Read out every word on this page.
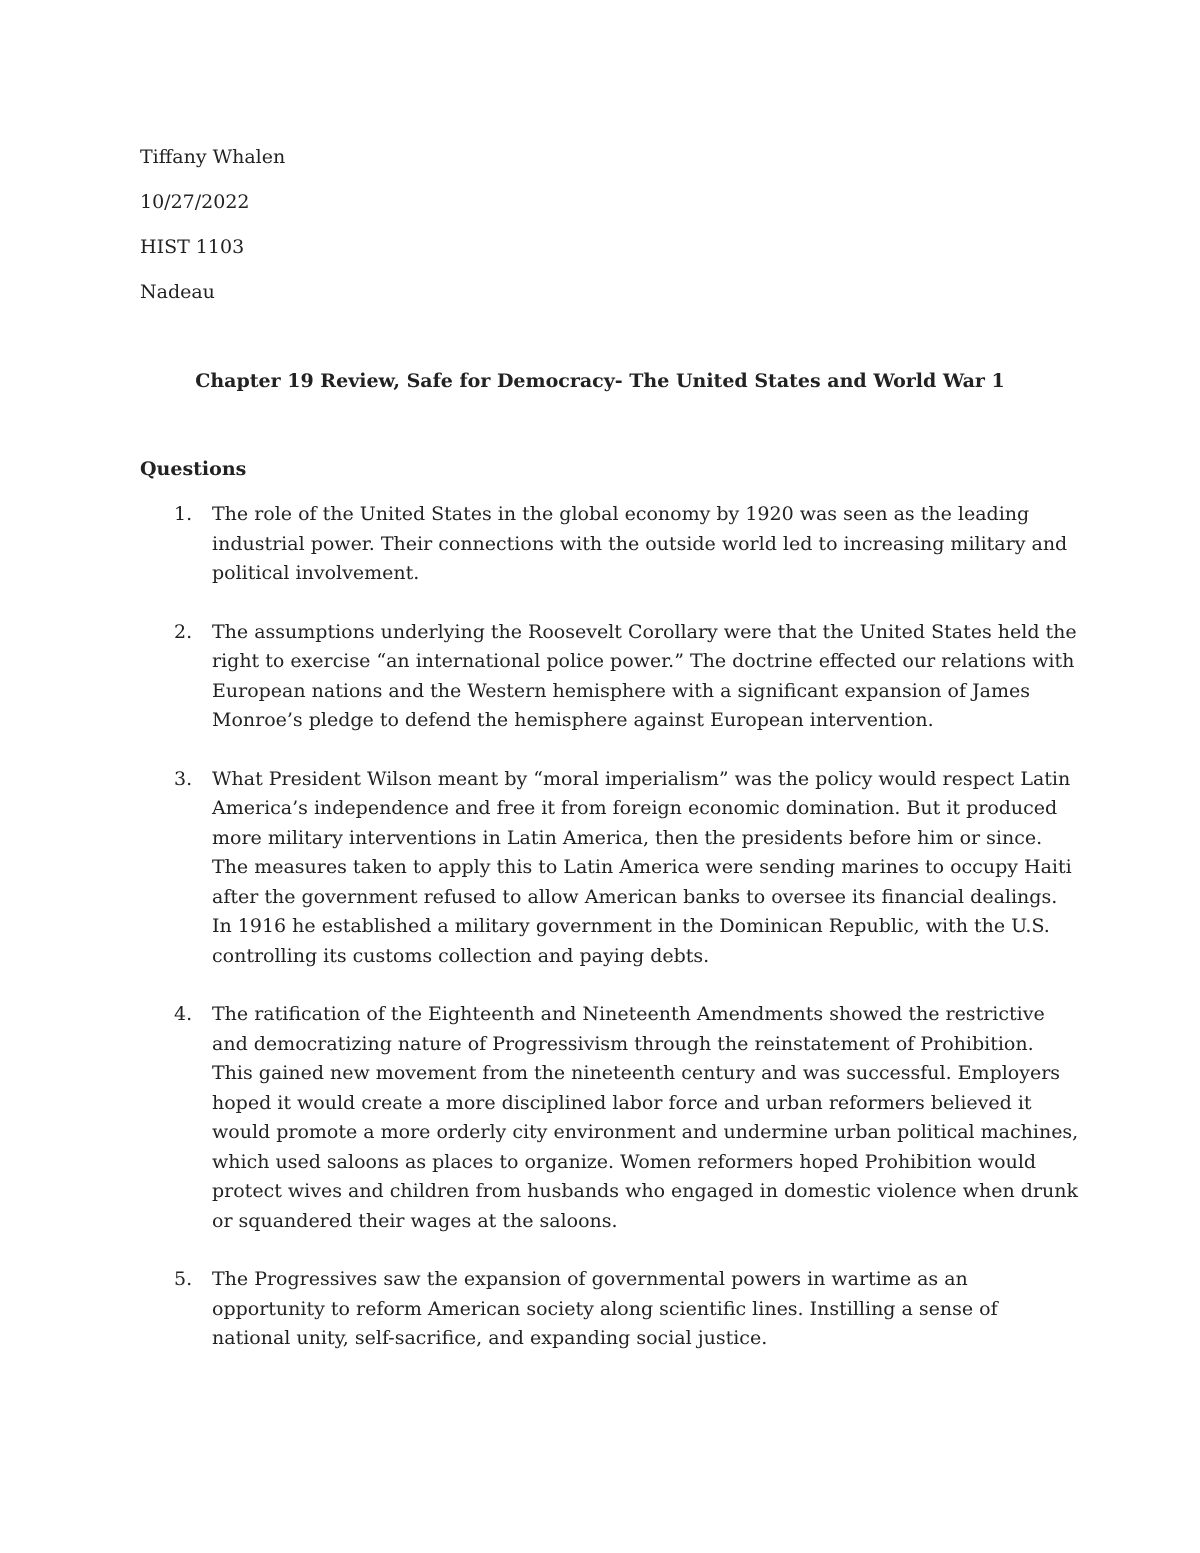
Tiffany Whalen
10/27/2022
HIST 1103
Nadeau
Chapter 19 Review, Safe for Democracy- The United States and World War 1
Questions
1. The role of the United States in the global economy by 1920 was seen as the leading industrial power. Their connections with the outside world led to increasing military and political involvement.
2. The assumptions underlying the Roosevelt Corollary were that the United States held the right to exercise “an international police power.” The doctrine effected our relations with European nations and the Western hemisphere with a significant expansion of James Monroe’s pledge to defend the hemisphere against European intervention.
3. What President Wilson meant by “moral imperialism” was the policy would respect Latin America’s independence and free it from foreign economic domination. But it produced more military interventions in Latin America, then the presidents before him or since. The measures taken to apply this to Latin America were sending marines to occupy Haiti after the government refused to allow American banks to oversee its financial dealings. In 1916 he established a military government in the Dominican Republic, with the U.S. controlling its customs collection and paying debts.
4. The ratification of the Eighteenth and Nineteenth Amendments showed the restrictive and democratizing nature of Progressivism through the reinstatement of Prohibition. This gained new movement from the nineteenth century and was successful. Employers hoped it would create a more disciplined labor force and urban reformers believed it would promote a more orderly city environment and undermine urban political machines, which used saloons as places to organize. Women reformers hoped Prohibition would protect wives and children from husbands who engaged in domestic violence when drunk or squandered their wages at the saloons.
5. The Progressives saw the expansion of governmental powers in wartime as an opportunity to reform American society along scientific lines. Instilling a sense of national unity, self-sacrifice, and expanding social justice.
